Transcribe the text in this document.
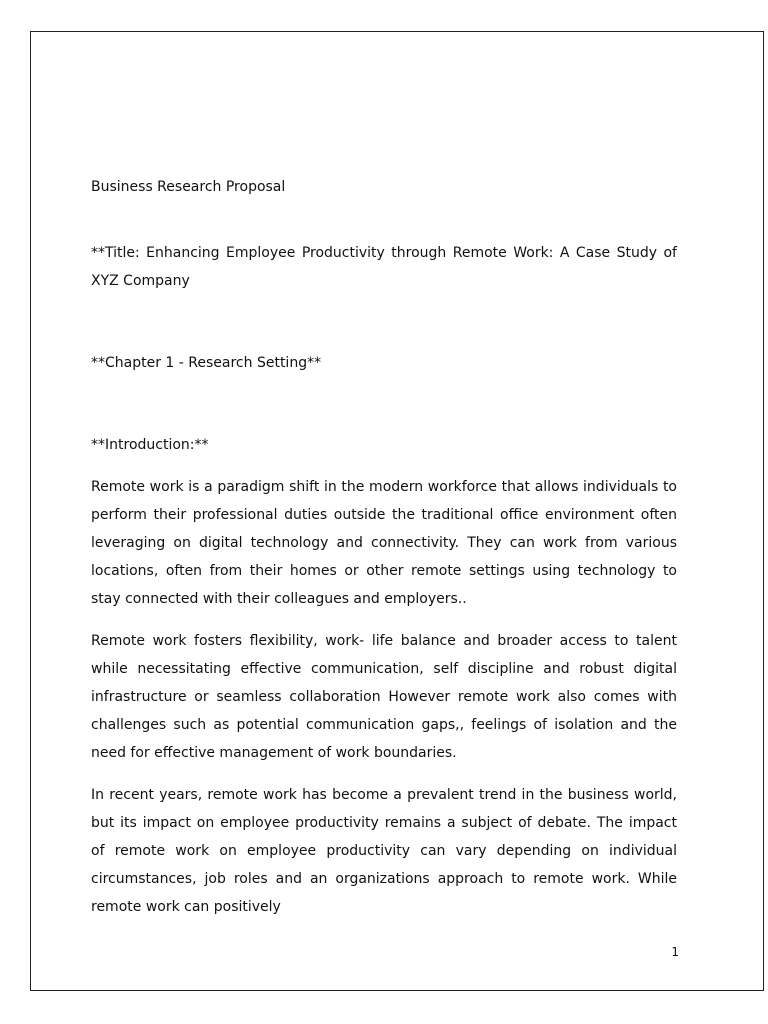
Business Research Proposal

**Title: Enhancing Employee Productivity through Remote Work: A Case Study of XYZ Company

**Chapter 1 - Research Setting**

**Introduction:**

Remote work is a paradigm shift in the modern workforce that allows individuals to perform their professional duties outside the traditional office environment often leveraging on digital technology and connectivity. They can work from various locations, often from their homes or other remote settings using technology to stay connected with their colleagues and employers..

Remote work fosters flexibility, work- life balance and broader access to talent while necessitating effective communication, self discipline and robust digital infrastructure or seamless collaboration However remote work also comes with challenges such as potential communication gaps,, feelings of isolation and the need for effective management of work boundaries.

In recent years, remote work has become a prevalent trend in the business world, but its impact on employee productivity remains a subject of debate. The impact of remote work on employee productivity can vary depending on individual circumstances, job roles and an organizations approach to remote work. While remote work can positively

1
